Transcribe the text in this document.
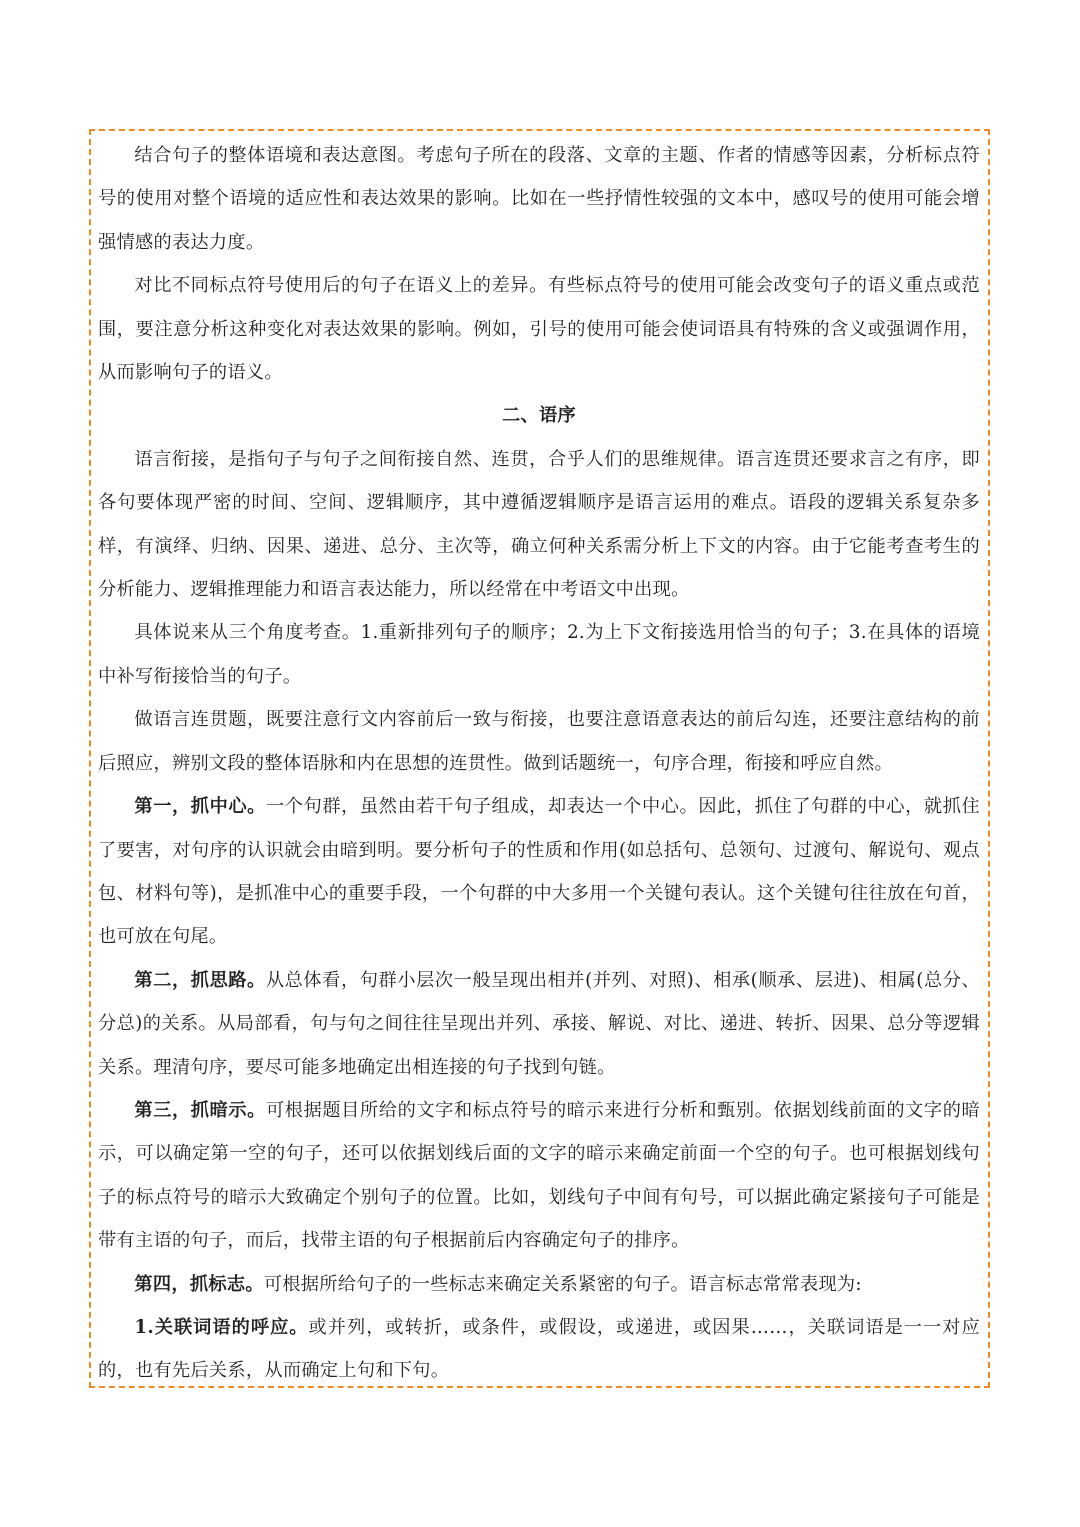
结合句子的整体语境和表达意图。考虑句子所在的段落、文章的主题、作者的情感等因素，分析标点符号的使用对整个语境的适应性和表达效果的影响。比如在一些抒情性较强的文本中，感叹号的使用可能会增强情感的表达力度。

对比不同标点符号使用后的句子在语义上的差异。有些标点符号的使用可能会改变句子的语义重点或范围，要注意分析这种变化对表达效果的影响。例如，引号的使用可能会使词语具有特殊的含义或强调作用，从而影响句子的语义。

二、语序

语言衔接，是指句子与句子之间衔接自然、连贯，合乎人们的思维规律。语言连贯还要求言之有序，即各句要体现严密的时间、空间、逻辑顺序，其中遵循逻辑顺序是语言运用的难点。语段的逻辑关系复杂多样，有演绎、归纳、因果、递进、总分、主次等，确立何种关系需分析上下文的内容。由于它能考查考生的分析能力、逻辑推理能力和语言表达能力，所以经常在中考语文中出现。

具体说来从三个角度考查。1.重新排列句子的顺序；2.为上下文衔接选用恰当的句子；3.在具体的语境中补写衔接恰当的句子。

做语言连贯题，既要注意行文内容前后一致与衔接，也要注意语意表达的前后勾连，还要注意结构的前后照应，辨别文段的整体语脉和内在思想的连贯性。做到话题统一，句序合理，衔接和呼应自然。

第一，抓中心。一个句群，虽然由若干句子组成，却表达一个中心。因此，抓住了句群的中心，就抓住了要害，对句序的认识就会由暗到明。要分析句子的性质和作用(如总括句、总领句、过渡句、解说句、观点包、材料句等)，是抓准中心的重要手段，一个句群的中大多用一个关键句表认。这个关键句往往放在句首，也可放在句尾。

第二，抓思路。从总体看，句群小层次一般呈现出相并(并列、对照)、相承(顺承、层进)、相属(总分、分总)的关系。从局部看，句与句之间往往呈现出并列、承接、解说、对比、递进、转折、因果、总分等逻辑关系。理清句序，要尽可能多地确定出相连接的句子找到句链。

第三，抓暗示。可根据题目所给的文字和标点符号的暗示来进行分析和甄别。依据划线前面的文字的暗示，可以确定第一空的句子，还可以依据划线后面的文字的暗示来确定前面一个空的句子。也可根据划线句子的标点符号的暗示大致确定个别句子的位置。比如，划线句子中间有句号，可以据此确定紧接句子可能是带有主语的句子，而后，找带主语的句子根据前后内容确定句子的排序。

第四，抓标志。可根据所给句子的一些标志来确定关系紧密的句子。语言标志常常表现为:

1.关联词语的呼应。或并列，或转折，或条件，或假设，或递进，或因果……，关联词语是一一对应的，也有先后关系，从而确定上句和下句。
